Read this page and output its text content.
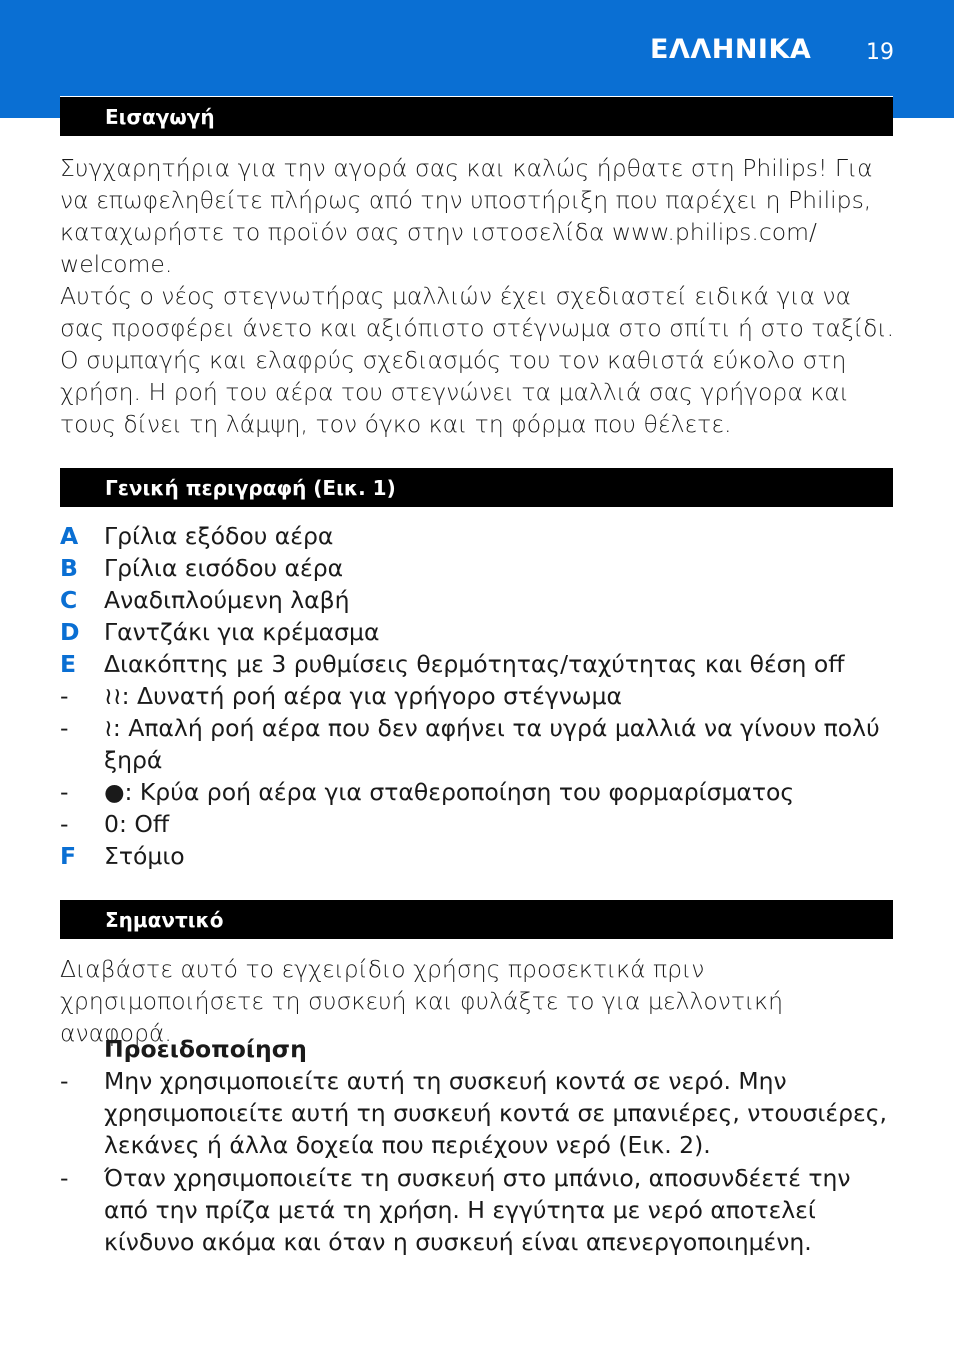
ΕΛΛΗΝΙΚΑ 19
Εισαγωγή
Συγχαρητήρια για την αγορά σας και καλώς ήρθατε στη Philips! Για
να επωφεληθείτε πλήρως από την υποστήριξη που παρέχει η Philips,
καταχωρήστε το προϊόν σας στην ιστοσελίδα www.philips.com/
welcome.
Αυτός ο νέος στεγνωτήρας μαλλιών έχει σχεδιαστεί ειδικά για να
σας προσφέρει άνετο και αξιόπιστο στέγνωμα στο σπίτι ή στο ταξίδι.
Ο συμπαγής και ελαφρύς σχεδιασμός του τον καθιστά εύκολο στη
χρήση. Η ροή του αέρα του στεγνώνει τα μαλλιά σας γρήγορα και
τους δίνει τη λάμψη, τον όγκο και τη φόρμα που θέλετε.
Γενική περιγραφή (Εικ. 1)
A Γρίλια εξόδου αέρα
B Γρίλια εισόδου αέρα
C Αναδιπλούμενη λαβή
D Γαντζάκι για κρέμασμα
E Διακόπτης με 3 ρυθμίσεις θερμότητας/ταχύτητας και θέση off
- ≀≀: Δυνατή ροή αέρα για γρήγορο στέγνωμα
- ≀: Απαλή ροή αέρα που δεν αφήνει τα υγρά μαλλιά να γίνουν πολύ
ξηρά
- ●: Κρύα ροή αέρα για σταθεροποίηση του φορμαρίσματος
- 0: Off
F Στόμιο
Σημαντικό
Διαβάστε αυτό το εγχειρίδιο χρήσης προσεκτικά πριν
χρησιμοποιήσετε τη συσκευή και φυλάξτε το για μελλοντική αναφορά.
Προειδοποίηση
- Μην χρησιμοποιείτε αυτή τη συσκευή κοντά σε νερό. Μην
χρησιμοποιείτε αυτή τη συσκευή κοντά σε μπανιέρες, ντουσιέρες,
λεκάνες ή άλλα δοχεία που περιέχουν νερό (Εικ. 2).
- Όταν χρησιμοποιείτε τη συσκευή στο μπάνιο, αποσυνδέετέ την
από την πρίζα μετά τη χρήση. Η εγγύτητα με νερό αποτελεί
κίνδυνο ακόμα και όταν η συσκευή είναι απενεργοποιημένη.
